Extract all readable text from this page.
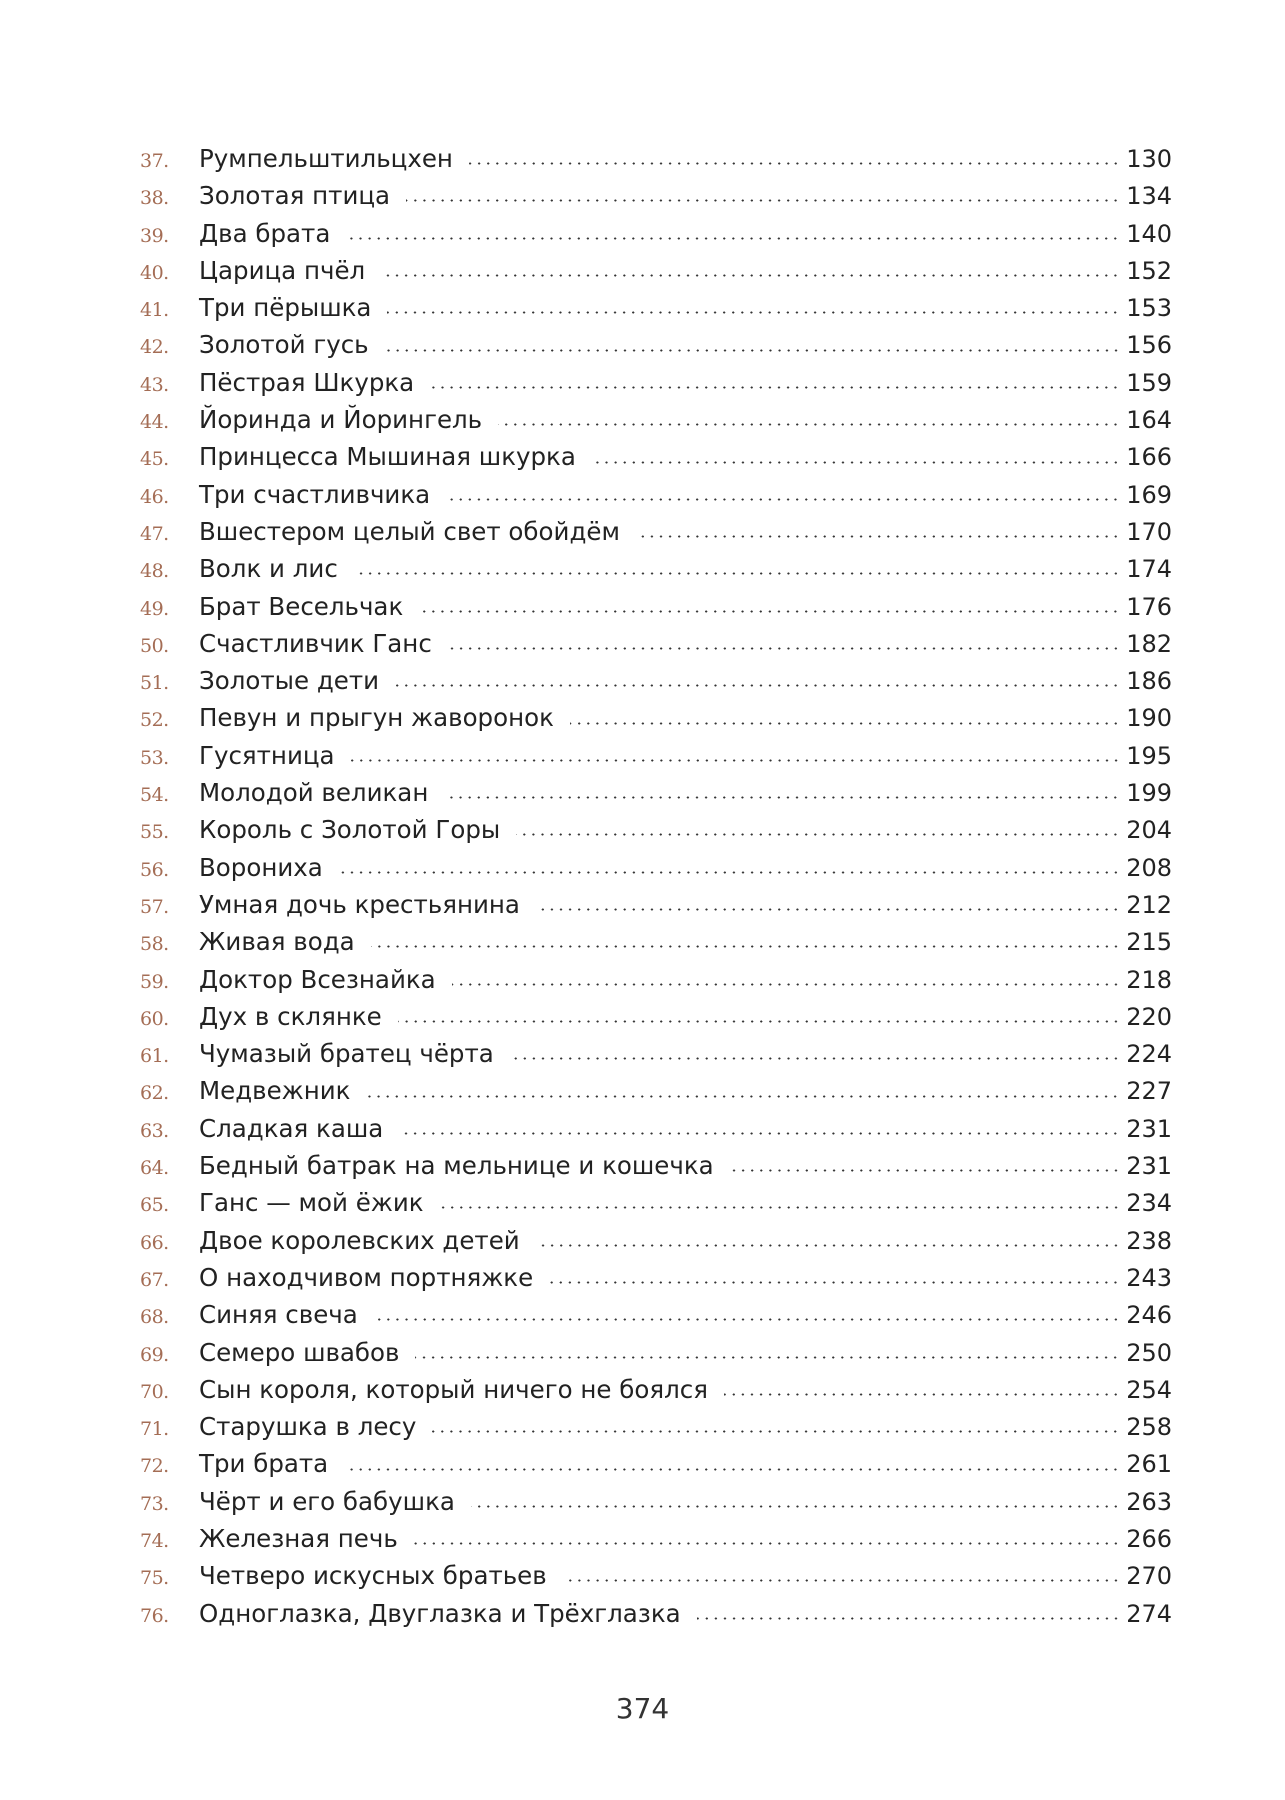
37.	Румпельштильцхен	130
38.	Золотая птица	134
39.	Два брата	140
40.	Царица пчёл	152
41.	Три пёрышка	153
42.	Золотой гусь	156
43.	Пёстрая Шкурка	159
44.	Йоринда и Йорингель	164
45.	Принцесса Мышиная шкурка	166
46.	Три счастливчика	169
47.	Вшестером целый свет обойдём	170
48.	Волк и лис	174
49.	Брат Весельчак	176
50.	Счастливчик Ганс	182
51.	Золотые дети	186
52.	Певун и прыгун жаворонок	190
53.	Гусятница	195
54.	Молодой великан	199
55.	Король с Золотой Горы	204
56.	Ворониха	208
57.	Умная дочь крестьянина	212
58.	Живая вода	215
59.	Доктор Всезнайка	218
60.	Дух в склянке	220
61.	Чумазый братец чёрта	224
62.	Медвежник	227
63.	Сладкая каша	231
64.	Бедный батрак на мельнице и кошечка	231
65.	Ганс — мой ёжик	234
66.	Двое королевских детей	238
67.	О находчивом портняжке	243
68.	Синяя свеча	246
69.	Семеро швабов	250
70.	Сын короля, который ничего не боялся	254
71.	Старушка в лесу	258
72.	Три брата	261
73.	Чёрт и его бабушка	263
74.	Железная печь	266
75.	Четверо искусных братьев	270
76.	Одноглазка, Двуглазка и Трёхглазка	274
374
